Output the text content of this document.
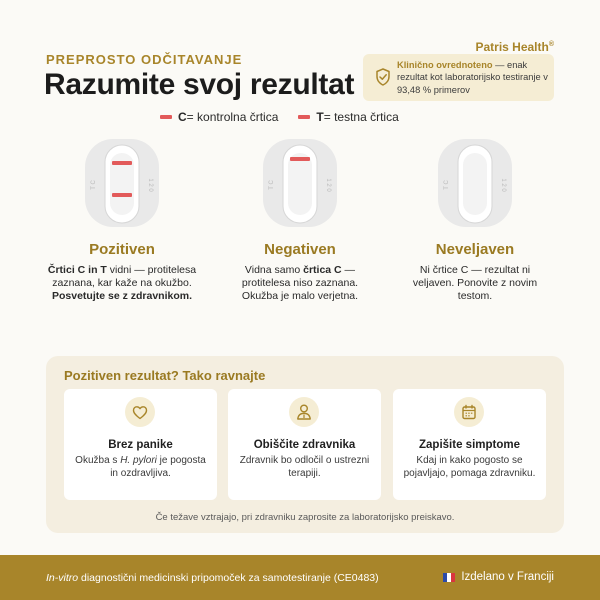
PREPROSTO ODČITAVANJE
Razumite svoj rezultat
Patris Health®
Klinično ovrednoteno — enak rezultat kot laboratorijsko testiranje v 93,48 % primerov
C = kontrolna črtica	T = testna črtica
T C	1 2 0	T C	1 2 0	T C	1 2 0
Pozitiven
Črtici C in T vidni — protitelesa zaznana, kar kaže na okužbo. Posvetujte se z zdravnikom.
Negativen
Vidna samo črtica C — protitelesa niso zaznana. Okužba je malo verjetna.
Neveljaven
Ni črtice C — rezultat ni veljaven. Ponovite z novim testom.
Pozitiven rezultat? Tako ravnajte
Brez panike
Okužba s H. pylori je pogosta in ozdravljiva.
Obiščite zdravnika
Zdravnik bo odločil o ustrezni terapiji.
Zapišite simptome
Kdaj in kako pogosto se pojavljajo, pomaga zdravniku.
Če težave vztrajajo, pri zdravniku zaprosite za laboratorijsko preiskavo.
In-vitro diagnostični medicinski pripomoček za samotestiranje (CE0483)	Izdelano v Franciji
